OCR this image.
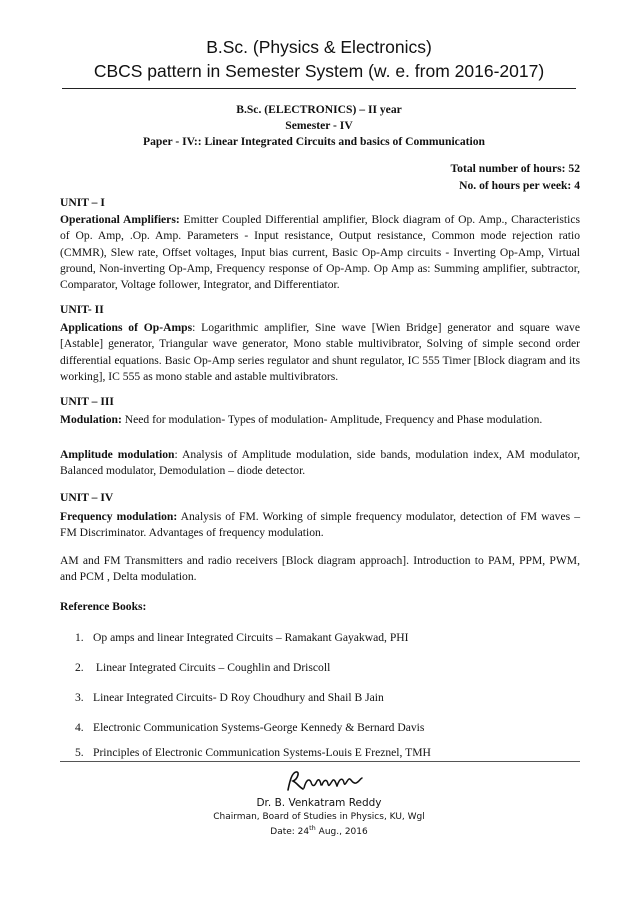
B.Sc. (Physics & Electronics)
CBCS pattern in Semester System (w. e. from 2016-2017)
B.Sc. (ELECTRONICS) – II year
Semester - IV
Paper - IV:: Linear Integrated Circuits and basics of Communication
Total number of hours: 52
No. of hours per week: 4
UNIT – I
Operational Amplifiers: Emitter Coupled Differential amplifier, Block diagram of Op. Amp., Characteristics of Op. Amp, .Op. Amp. Parameters - Input resistance, Output resistance, Common mode rejection ratio (CMMR), Slew rate, Offset voltages, Input bias current, Basic Op-Amp circuits - Inverting Op-Amp, Virtual ground, Non-inverting Op-Amp, Frequency response of Op-Amp. Op Amp as: Summing amplifier, subtractor, Comparator, Voltage follower, Integrator, and Differentiator.
UNIT- II
Applications of Op-Amps: Logarithmic amplifier, Sine wave [Wien Bridge] generator and square wave [Astable] generator, Triangular wave generator, Mono stable multivibrator, Solving of simple second order differential equations. Basic Op-Amp series regulator and shunt regulator, IC 555 Timer [Block diagram and its working], IC 555 as mono stable and astable multivibrators.
UNIT – III
Modulation: Need for modulation- Types of modulation- Amplitude, Frequency and Phase modulation.
Amplitude modulation: Analysis of Amplitude modulation, side bands, modulation index, AM modulator, Balanced modulator, Demodulation – diode detector.
UNIT – IV
Frequency modulation: Analysis of FM. Working of simple frequency modulator, detection of FM waves – FM Discriminator. Advantages of frequency modulation.
AM and FM Transmitters and radio receivers [Block diagram approach]. Introduction to PAM, PPM, PWM, and PCM , Delta modulation.
Reference Books:
1. Op amps and linear Integrated Circuits – Ramakant Gayakwad, PHI
2. Linear Integrated Circuits – Coughlin and Driscoll
3. Linear Integrated Circuits- D Roy Choudhury and Shail B Jain
4. Electronic Communication Systems-George Kennedy & Bernard Davis
5. Principles of Electronic Communication Systems-Louis E Freznel, TMH
Dr. B. Venkatram Reddy
Chairman, Board of Studies in Physics, KU, Wgl
Date: 24th Aug., 2016
